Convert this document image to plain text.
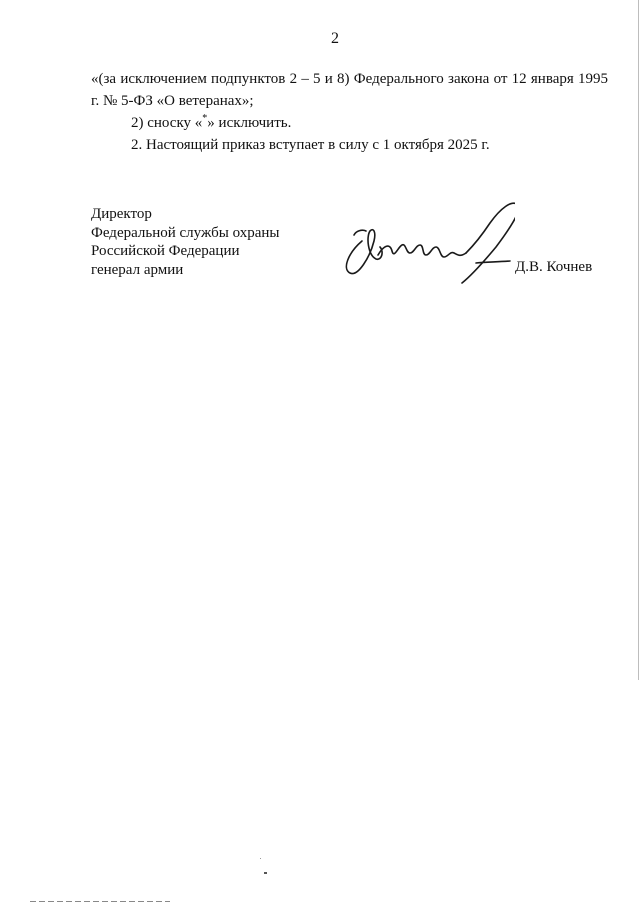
2
«(за исключением подпунктов 2 – 5 и 8) Федерального закона от 12 января 1995 г. № 5-ФЗ «О ветеранах»;
2) сноску «*» исключить.
2. Настоящий приказ вступает в силу с 1 октября 2025 г.
Директор
Федеральной службы охраны
Российской Федерации
генерал армии	Д.В. Кочнев
